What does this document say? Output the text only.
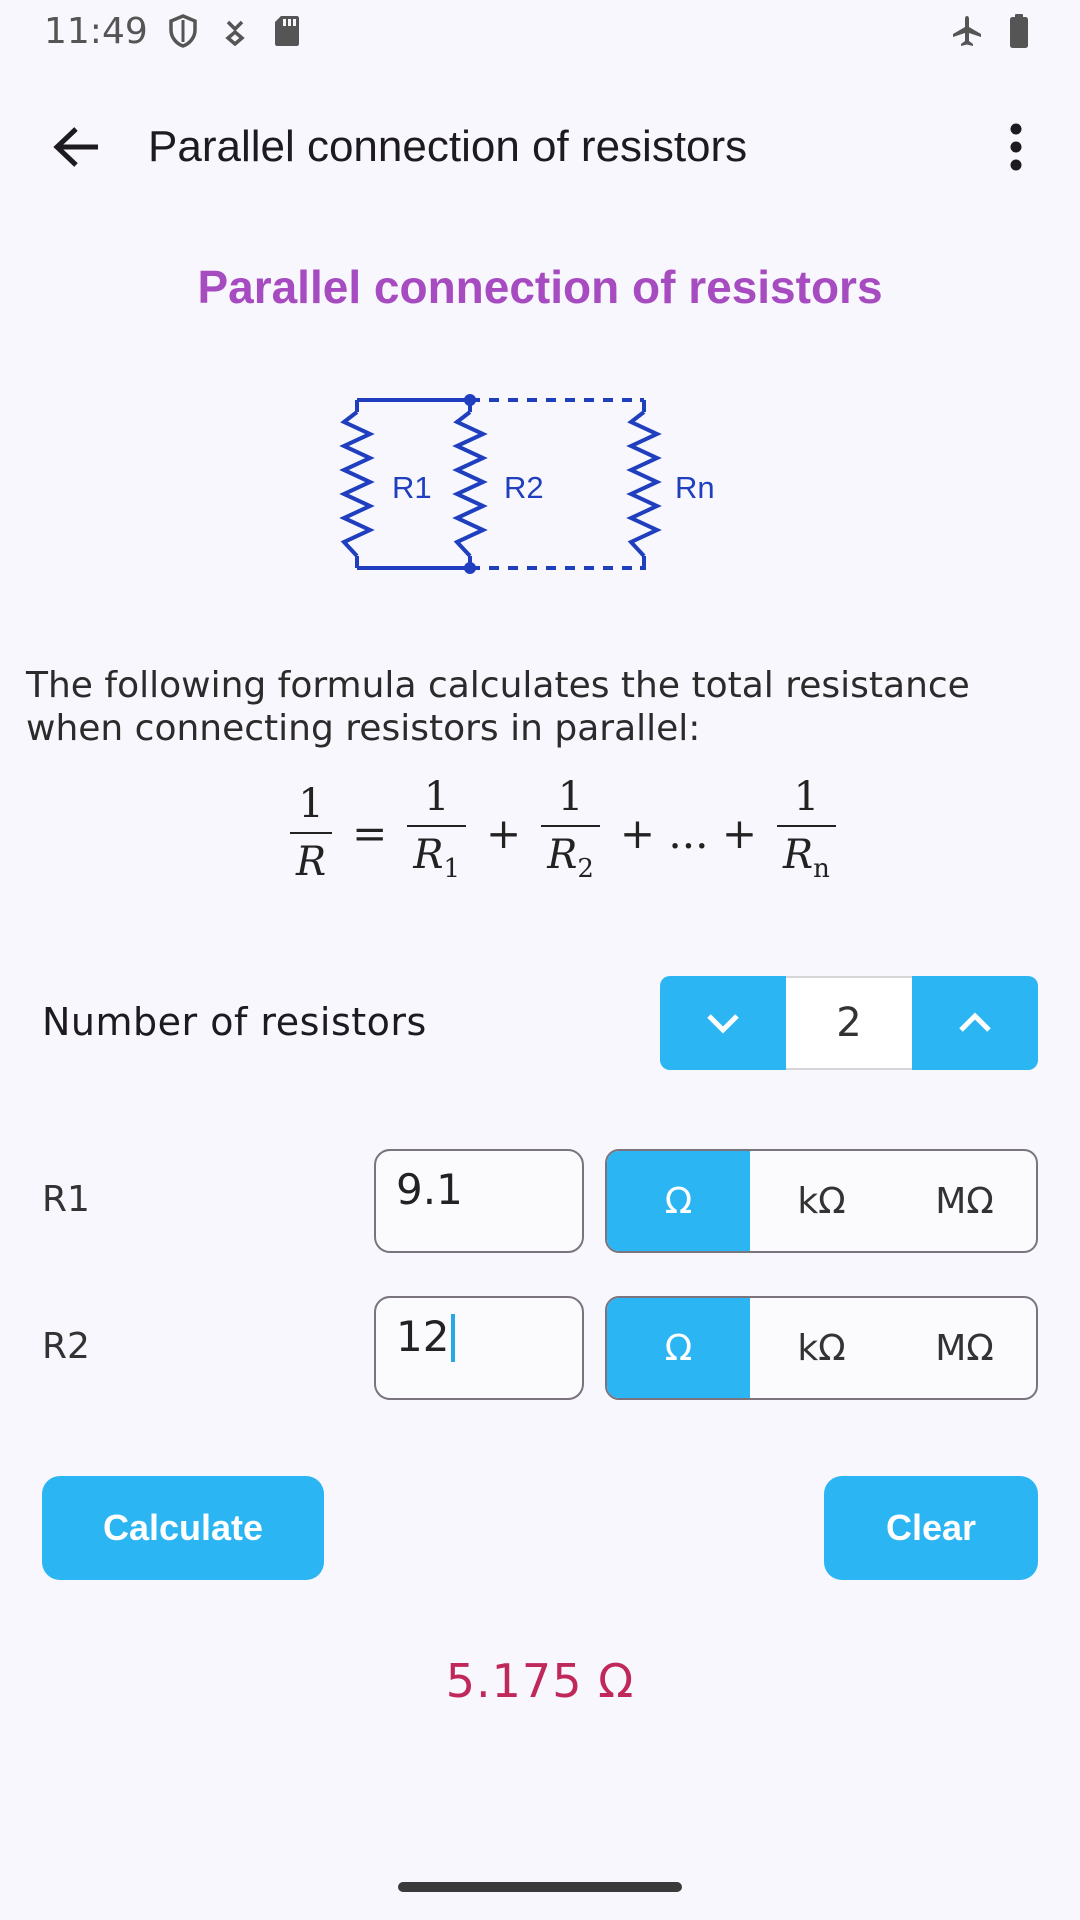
11:49
Parallel connection of resistors
Parallel connection of resistors
R1 R2	Rn
The following formula calculates the total resistance when connecting resistors in parallel:
$\frac{1}{R} = \frac{1}{R_1} + \frac{1}{R_2}$ + ... + $\frac{1}{R_n}$
Number of resistors	2
R1	9.1	Ω	kΩ	MΩ
R2	12	Ω	kΩ	MΩ
Calculate	Clear
5.175 Ω
